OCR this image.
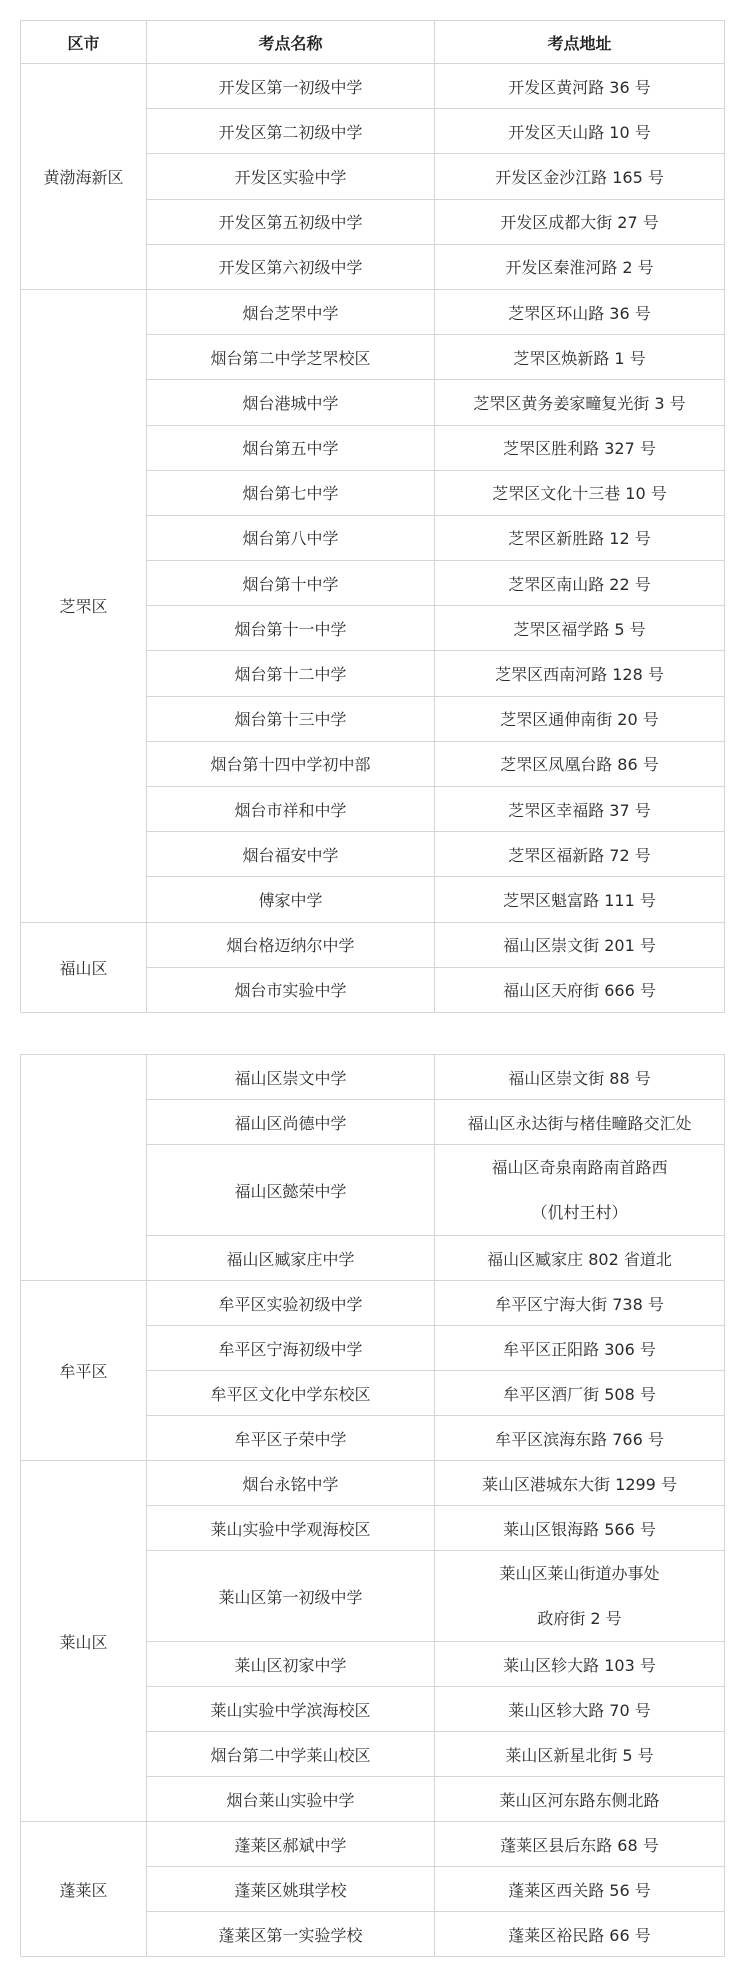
区市	考点名称	考点地址
黄渤海新区	开发区第一初级中学	开发区黄河路 36 号
	开发区第二初级中学	开发区天山路 10 号
	开发区实验中学	开发区金沙江路 165 号
	开发区第五初级中学	开发区成都大街 27 号
	开发区第六初级中学	开发区秦淮河路 2 号
芝罘区	烟台芝罘中学	芝罘区环山路 36 号
	烟台第二中学芝罘校区	芝罘区焕新路 1 号
	烟台港城中学	芝罘区黄务姜家疃复光街 3 号
	烟台第五中学	芝罘区胜利路 327 号
	烟台第七中学	芝罘区文化十三巷 10 号
	烟台第八中学	芝罘区新胜路 12 号
	烟台第十中学	芝罘区南山路 22 号
	烟台第十一中学	芝罘区福学路 5 号
	烟台第十二中学	芝罘区西南河路 128 号
	烟台第十三中学	芝罘区通伸南街 20 号
	烟台第十四中学初中部	芝罘区凤凰台路 86 号
	烟台市祥和中学	芝罘区幸福路 37 号
	烟台福安中学	芝罘区福新路 72 号
	傅家中学	芝罘区魁富路 111 号
福山区	烟台格迈纳尔中学	福山区崇文街 201 号
	烟台市实验中学	福山区天府街 666 号
	福山区崇文中学	福山区崇文街 88 号
	福山区尚德中学	福山区永达街与楮佳疃路交汇处
	福山区懿荣中学	福山区奇泉南路南首路西
（仉村王村）

	福山区臧家庄中学	福山区臧家庄 802 省道北
牟平区	牟平区实验初级中学	牟平区宁海大街 738 号
	牟平区宁海初级中学	牟平区正阳路 306 号
	牟平区文化中学东校区	牟平区酒厂街 508 号
	牟平区子荣中学	牟平区滨海东路 766 号
莱山区	烟台永铭中学	莱山区港城东大街 1299 号
	莱山实验中学观海校区	莱山区银海路 566 号
	莱山区第一初级中学	莱山区莱山街道办事处
政府街 2 号

	莱山区初家中学	莱山区轸大路 103 号
	莱山实验中学滨海校区	莱山区轸大路 70 号
	烟台第二中学莱山校区	莱山区新星北街 5 号
	烟台莱山实验中学	莱山区河东路东侧北路
蓬莱区	蓬莱区郝斌中学	蓬莱区县后东路 68 号
	蓬莱区姚琪学校	蓬莱区西关路 56 号
	蓬莱区第一实验学校	蓬莱区裕民路 66 号
